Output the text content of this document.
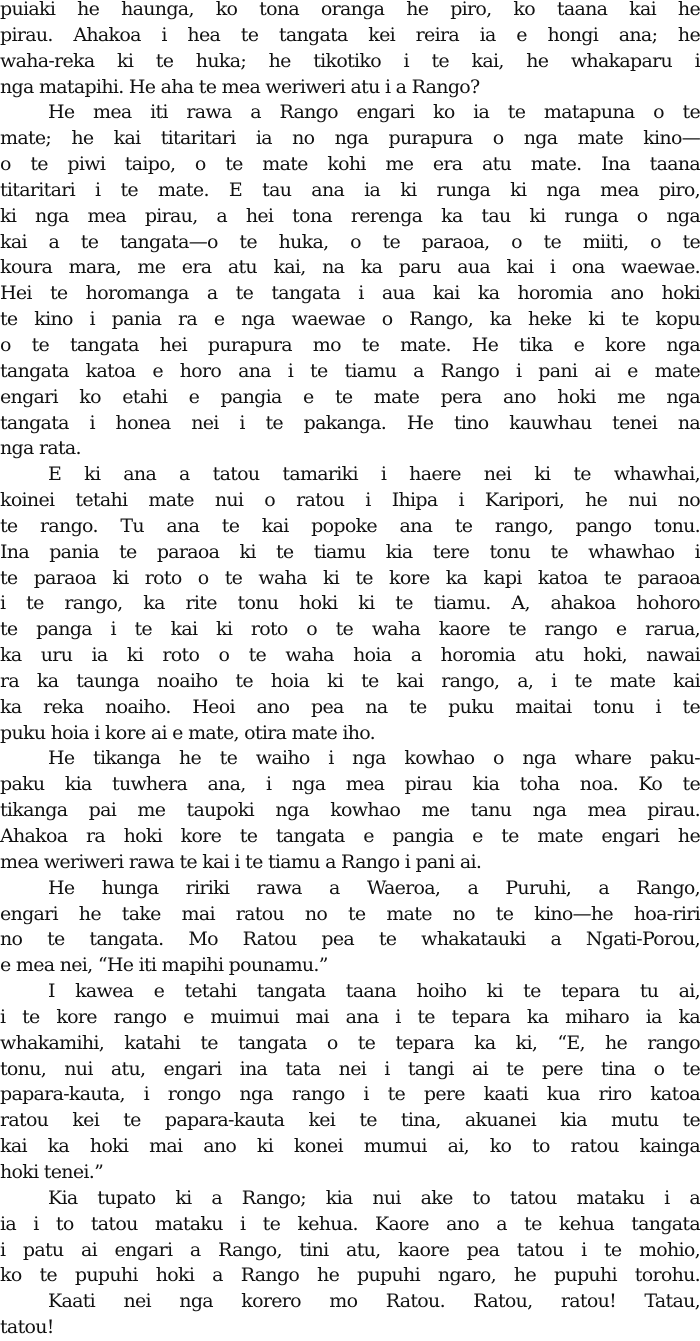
puiaki he haunga, ko tona oranga he piro, ko taana kai he
pirau. Ahakoa i hea te tangata kei reira ia e hongi ana; he
waha-reka ki te huka; he tikotiko i te kai, he whakaparu i
nga matapihi. He aha te mea weriweri atu i a Rango?
He mea iti rawa a Rango engari ko ia te matapuna o te
mate; he kai titaritari ia no nga purapura o nga mate kino—
o te piwi taipo, o te mate kohi me era atu mate. Ina taana
titaritari i te mate. E tau ana ia ki runga ki nga mea piro,
ki nga mea pirau, a hei tona rerenga ka tau ki runga o nga
kai a te tangata—o te huka, o te paraoa, o te miiti, o te
koura mara, me era atu kai, na ka paru aua kai i ona waewae.
Hei te horomanga a te tangata i aua kai ka horomia ano hoki
te kino i pania ra e nga waewae o Rango, ka heke ki te kopu
o te tangata hei purapura mo te mate. He tika e kore nga
tangata katoa e horo ana i te tiamu a Rango i pani ai e mate
engari ko etahi e pangia e te mate pera ano hoki me nga
tangata i honea nei i te pakanga. He tino kauwhau tenei na
nga rata.
E ki ana a tatou tamariki i haere nei ki te whawhai,
koinei tetahi mate nui o ratou i Ihipa i Karipori, he nui no
te rango. Tu ana te kai popoke ana te rango, pango tonu.
Ina pania te paraoa ki te tiamu kia tere tonu te whawhao i
te paraoa ki roto o te waha ki te kore ka kapi katoa te paraoa
i te rango, ka rite tonu hoki ki te tiamu. A, ahakoa hohoro
te panga i te kai ki roto o te waha kaore te rango e rarua,
ka uru ia ki roto o te waha hoia a horomia atu hoki, nawai
ra ka taunga noaiho te hoia ki te kai rango, a, i te mate kai
ka reka noaiho. Heoi ano pea na te puku maitai tonu i te
puku hoia i kore ai e mate, otira mate iho.
He tikanga he te waiho i nga kowhao o nga whare paku-
paku kia tuwhera ana, i nga mea pirau kia toha noa. Ko te
tikanga pai me taupoki nga kowhao me tanu nga mea pirau.
Ahakoa ra hoki kore te tangata e pangia e te mate engari he
mea weriweri rawa te kai i te tiamu a Rango i pani ai.
He hunga ririki rawa a Waeroa, a Puruhi, a Rango,
engari he take mai ratou no te mate no te kino—he hoa-riri
no te tangata. Mo Ratou pea te whakatauki a Ngati-Porou,
e mea nei, “He iti mapihi pounamu.”
I kawea e tetahi tangata taana hoiho ki te tepara tu ai,
i te kore rango e muimui mai ana i te tepara ka miharo ia ka
whakamihi, katahi te tangata o te tepara ka ki, “E, he rango
tonu, nui atu, engari ina tata nei i tangi ai te pere tina o te
papara-kauta, i rongo nga rango i te pere kaati kua riro katoa
ratou kei te papara-kauta kei te tina, akuanei kia mutu te
kai ka hoki mai ano ki konei mumui ai, ko to ratou kainga
hoki tenei.”
Kia tupato ki a Rango; kia nui ake to tatou mataku i a
ia i to tatou mataku i te kehua. Kaore ano a te kehua tangata
i patu ai engari a Rango, tini atu, kaore pea tatou i te mohio,
ko te pupuhi hoki a Rango he pupuhi ngaro, he pupuhi torohu.
Kaati nei nga korero mo Ratou. Ratou, ratou! Tatau,
tatou!
